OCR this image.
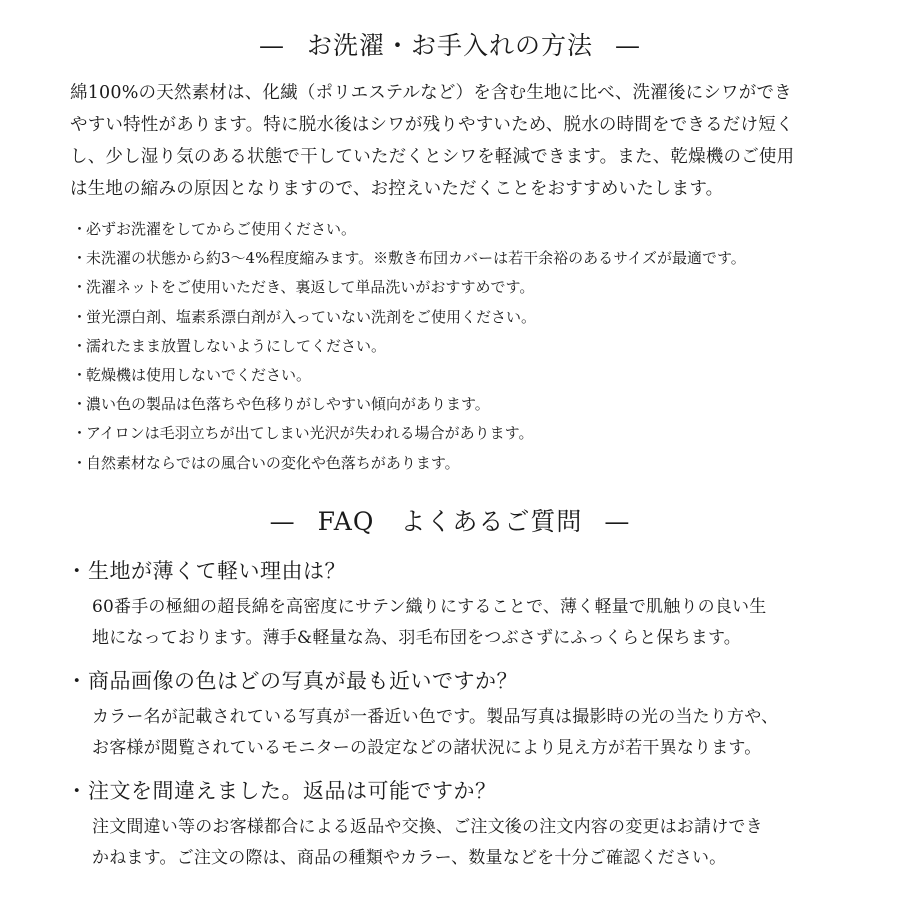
— お洗濯・お手入れの方法 —
綿100%の天然素材は、化繊（ポリエステルなど）を含む生地に比べ、洗濯後にシワができ
やすい特性があります。特に脱水後はシワが残りやすいため、脱水の時間をできるだけ短く
し、少し湿り気のある状態で干していただくとシワを軽減できます。また、乾燥機のご使用
は生地の縮みの原因となりますので、お控えいただくことをおすすめいたします。
・必ずお洗濯をしてからご使用ください。
・未洗濯の状態から約3〜4%程度縮みます。※敷き布団カバーは若干余裕のあるサイズが最適です。
・洗濯ネットをご使用いただき、裏返して単品洗いがおすすめです。
・蛍光漂白剤、塩素系漂白剤が入っていない洗剤をご使用ください。
・濡れたまま放置しないようにしてください。
・乾燥機は使用しないでください。
・濃い色の製品は色落ちや色移りがしやすい傾向があります。
・アイロンは毛羽立ちが出てしまい光沢が失われる場合があります。
・自然素材ならではの風合いの変化や色落ちがあります。
— FAQ　よくあるご質問 —
・生地が薄くて軽い理由は？
60番手の極細の超長綿を高密度にサテン織りにすることで、薄く軽量で肌触りの良い生
地になっております。薄手&軽量な為、羽毛布団をつぶさずにふっくらと保ちます。
・商品画像の色はどの写真が最も近いですか？
カラー名が記載されている写真が一番近い色です。製品写真は撮影時の光の当たり方や、
お客様が閲覧されているモニターの設定などの諸状況により見え方が若干異なります。
・注文を間違えました。返品は可能ですか？
注文間違い等のお客様都合による返品や交換、ご注文後の注文内容の変更はお請けでき
かねます。ご注文の際は、商品の種類やカラー、数量などを十分ご確認ください。
